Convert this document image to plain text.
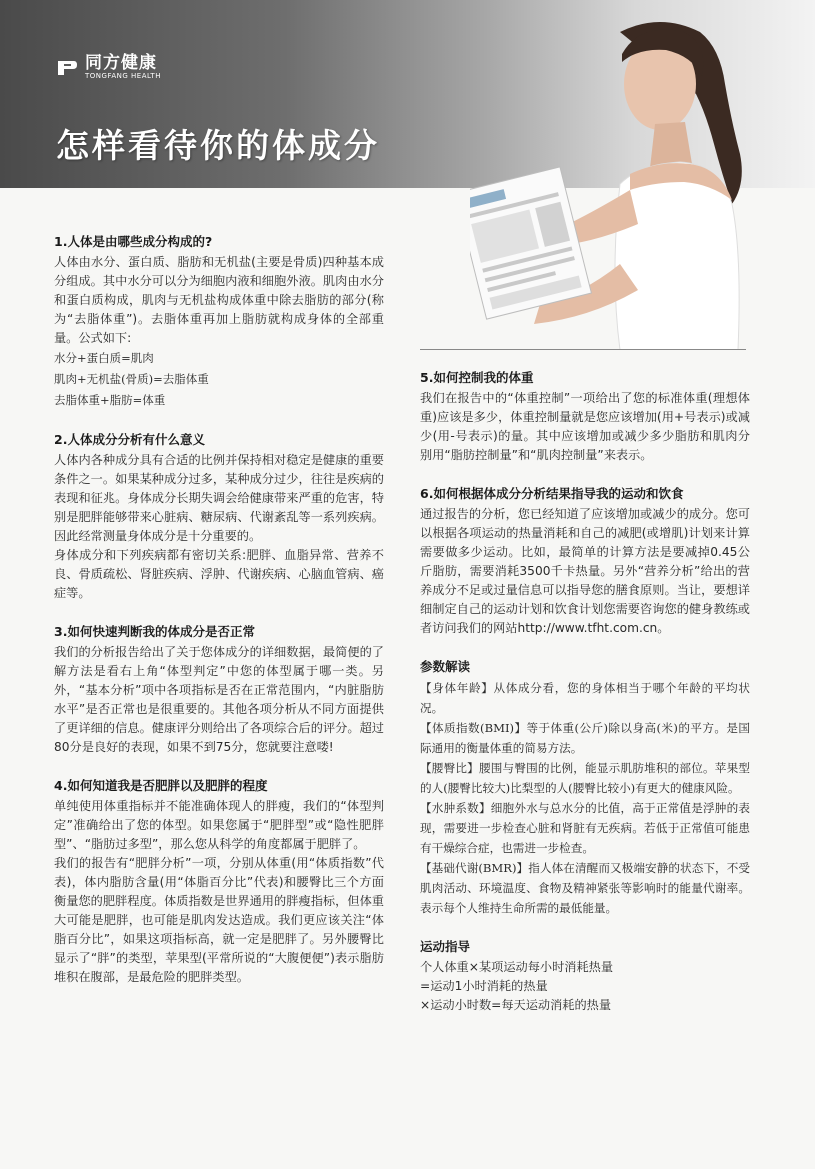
同方健康
TONGFANG HEALTH
怎样看待你的体成分

1.人体是由哪些成分构成的?

人体由水分、蛋白质、脂肪和无机盐(主要是骨质)四种基本成分组成。其中水分可以分为细胞内液和细胞外液。肌肉由水分和蛋白质构成，肌肉与无机盐构成体重中除去脂肪的部分(称为“去脂体重”)。去脂体重再加上脂肪就构成身体的全部重量。公式如下:

水分+蛋白质=肌肉

肌肉+无机盐(骨质)=去脂体重

去脂体重+脂肪=体重

2.人体成分分析有什么意义

人体内各种成分具有合适的比例并保持相对稳定是健康的重要条件之一。如果某种成分过多，某种成分过少，往往是疾病的表现和征兆。身体成分长期失调会给健康带来严重的危害，特别是肥胖能够带来心脏病、糖尿病、代谢紊乱等一系列疾病。因此经常测量身体成分是十分重要的。

身体成分和下列疾病都有密切关系:肥胖、血脂异常、营养不良、骨质疏松、肾脏疾病、浮肿、代谢疾病、心脑血管病、癌症等。

3.如何快速判断我的体成分是否正常

我们的分析报告给出了关于您体成分的详细数据，最简便的了解方法是看右上角“体型判定”中您的体型属于哪一类。另外，“基本分析”项中各项指标是否在正常范围内，“内脏脂肪水平”是否正常也是很重要的。其他各项分析从不同方面提供了更详细的信息。健康评分则给出了各项综合后的评分。超过80分是良好的表现，如果不到75分，您就要注意喽!

4.如何知道我是否肥胖以及肥胖的程度

单纯使用体重指标并不能准确体现人的胖瘦，我们的“体型判定”准确给出了您的体型。如果您属于“肥胖型”或“隐性肥胖型”、“脂肪过多型”，那么您从科学的角度都属于肥胖了。

我们的报告有“肥胖分析”一项，分别从体重(用“体质指数”代表)，体内脂肪含量(用“体脂百分比”代表)和腰臀比三个方面衡量您的肥胖程度。体质指数是世界通用的胖瘦指标，但体重大可能是肥胖，也可能是肌肉发达造成。我们更应该关注“体脂百分比”，如果这项指标高，就一定是肥胖了。另外腰臀比显示了“胖”的类型，苹果型(平常所说的“大腹便便”)表示脂肪堆积在腹部，是最危险的肥胖类型。

5.如何控制我的体重

我们在报告中的“体重控制”一项给出了您的标准体重(理想体重)应该是多少，体重控制量就是您应该增加(用+号表示)或减少(用-号表示)的量。其中应该增加或减少多少脂肪和肌肉分别用“脂肪控制量”和“肌肉控制量”来表示。

6.如何根据体成分分析结果指导我的运动和饮食

通过报告的分析，您已经知道了应该增加或减少的成分。您可以根据各项运动的热量消耗和自己的减肥(或增肌)计划来计算需要做多少运动。比如，最简单的计算方法是要减掉0.45公斤脂肪，需要消耗3500千卡热量。另外“营养分析”给出的营养成分不足或过量信息可以指导您的膳食原则。当让，要想详细制定自己的运动计划和饮食计划您需要咨询您的健身教练或者访问我们的网站http://www.tfht.com.cn。

参数解读

【身体年龄】从体成分看，您的身体相当于哪个年龄的平均状况。

【体质指数(BMI)】等于体重(公斤)除以身高(米)的平方。是国际通用的衡量体重的简易方法。

【腰臀比】腰围与臀围的比例，能显示肌肪堆积的部位。苹果型的人(腰臀比较大)比梨型的人(腰臀比较小)有更大的健康风险。

【水肿系数】细胞外水与总水分的比值，高于正常值是浮肿的表现，需要进一步检查心脏和肾脏有无疾病。若低于正常值可能患有干燥综合症，也需进一步检查。

【基础代谢(BMR)】指人体在清醒而又极端安静的状态下，不受肌肉活动、环境温度、食物及精神紧张等影响时的能量代谢率。表示每个人维持生命所需的最低能量。

运动指导

个人体重×某项运动每小时消耗热量

=运动1小时消耗的热量

×运动小时数=每天运动消耗的热量
